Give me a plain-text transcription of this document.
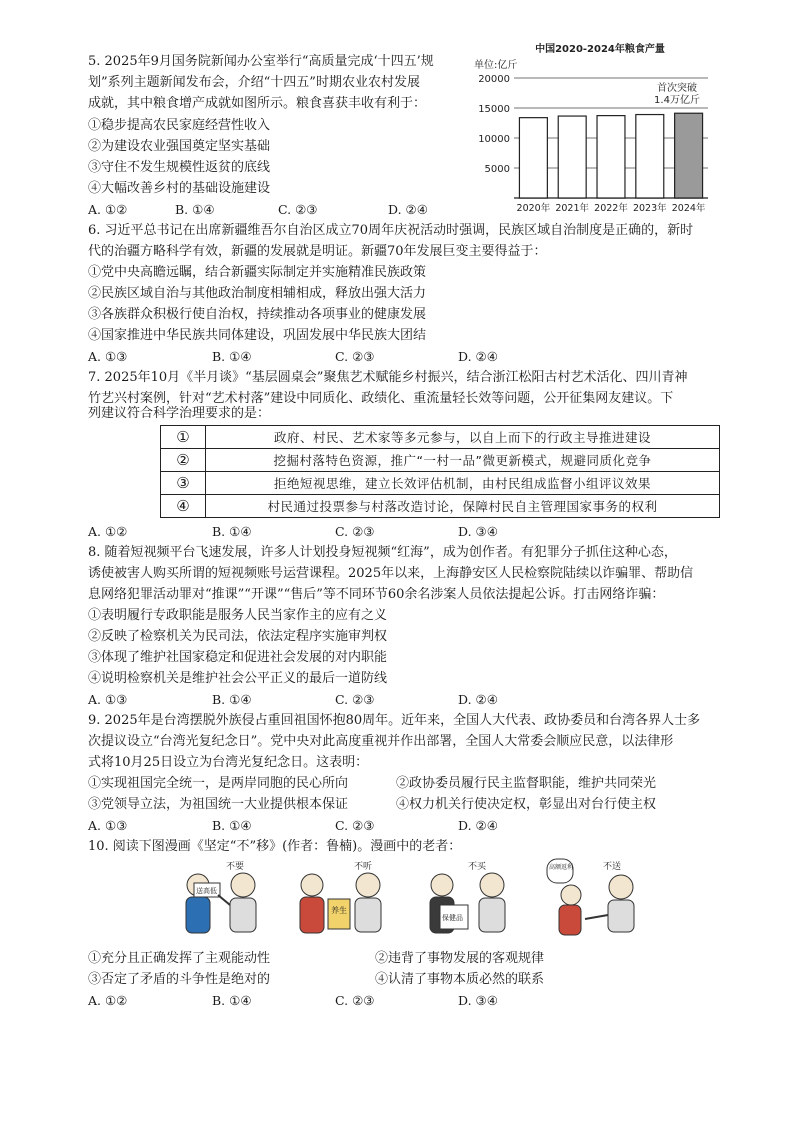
5. 2025年9月国务院新闻办公室举行“高质量完成‘十四五’规
划”系列主题新闻发布会，介绍“十四五”时期农业农村发展
成就，其中粮食增产成就如图所示。粮食喜获丰收有利于：
①稳步提高农民家庭经营性收入
②为建设农业强国奠定坚实基础
③守住不发生规模性返贫的底线
④大幅改善乡村的基础设施建设
A. ①②	B. ①④	C. ②③	D. ②④
中国2020-2024年粮食产量
单位:亿斤
20000
15000
10000
5000
2020年 2021年 2022年 2023年 2024年
首次突破
1.4万亿斤
6. 习近平总书记在出席新疆维吾尔自治区成立70周年庆祝活动时强调，民族区域自治制度是正确的，新时
代的治疆方略科学有效，新疆的发展就是明证。新疆70年发展巨变主要得益于：
①党中央高瞻远瞩，结合新疆实际制定并实施精准民族政策
②民族区域自治与其他政治制度相辅相成，释放出强大活力
③各族群众积极行使自治权，持续推动各项事业的健康发展
④国家推进中华民族共同体建设，巩固发展中华民族大团结
A. ①③	B. ①④	C. ②③	D. ②④
7. 2025年10月《半月谈》“基层圆桌会”聚焦艺术赋能乡村振兴，结合浙江松阳古村艺术活化、四川青神
竹艺兴村案例，针对“艺术村落”建设中同质化、政绩化、重流量轻长效等问题，公开征集网友建议。下
列建议符合科学治理要求的是：
①	政府、村民、艺术家等多元参与，以自上而下的行政主导推进建设
②	挖掘村落特色资源，推广“一村一品”微更新模式，规避同质化竞争
③	拒绝短视思维，建立长效评估机制，由村民组成监督小组评议效果
④	村民通过投票参与村落改造讨论，保障村民自主管理国家事务的权利
A. ①②	B. ①④	C. ②③	D. ③④
8. 随着短视频平台飞速发展，许多人计划投身短视频“红海”，成为创作者。有犯罪分子抓住这种心态，
诱使被害人购买所谓的短视频账号运营课程。2025年以来，上海静安区人民检察院陆续以诈骗罪、帮助信
息网络犯罪活动罪对“推课”“开课”“售后”等不同环节60余名涉案人员依法提起公诉。打击网络诈骗：
①表明履行专政职能是服务人民当家作主的应有之义
②反映了检察机关为民司法，依法定程序实施审判权
③体现了维护社国家稳定和促进社会发展的对内职能
④说明检察机关是维护社会公平正义的最后一道防线
A. ①③	B. ①④	C. ②③	D. ②④
9. 2025年是台湾摆脱外族侵占重回祖国怀抱80周年。近年来，全国人大代表、政协委员和台湾各界人士多
次提议设立“台湾光复纪念日”。党中央对此高度重视并作出部署，全国人大常委会顺应民意，以法律形
式将10月25日设立为台湾光复纪念日。这表明：
①实现祖国完全统一，是两岸同胞的民心所向	②政协委员履行民主监督职能，维护共同荣光
③党领导立法，为祖国统一大业提供根本保证	④权力机关行使决定权，彰显出对台行使主权
A. ①③	B. ①④	C. ②③	D. ②④
10. 阅读下图漫画《坚定“不”移》(作者：鲁楠)。漫画中的老者：
不要
送高低
不听
养生
不买
保健品
高额返利	不送
①充分且正确发挥了主观能动性	②违背了事物发展的客观规律
③否定了矛盾的斗争性是绝对的	④认清了事物本质必然的联系
A. ①②	B. ①④	C. ②③	D. ③④
